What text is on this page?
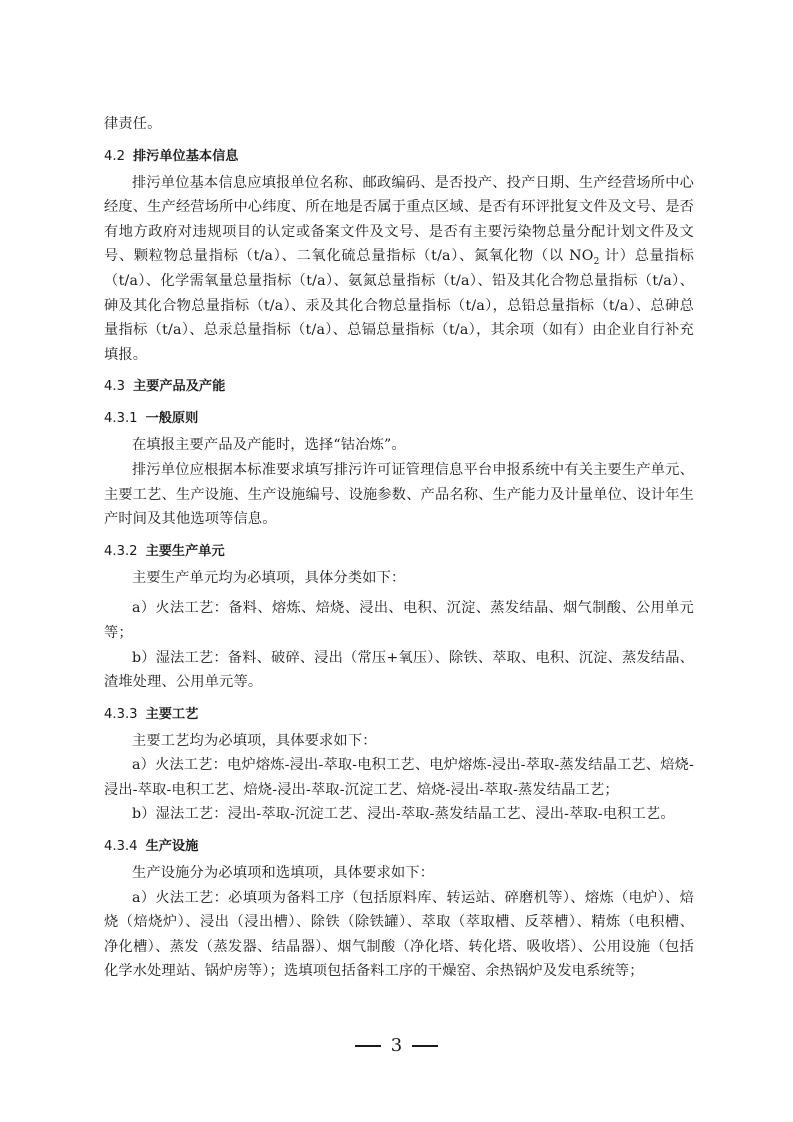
律责任。

4.2 排污单位基本信息

排污单位基本信息应填报单位名称、邮政编码、是否投产、投产日期、生产经营场所中心经度、生产经营场所中心纬度、所在地是否属于重点区域、是否有环评批复文件及文号、是否有地方政府对违规项目的认定或备案文件及文号、是否有主要污染物总量分配计划文件及文号、颗粒物总量指标（t/a）、二氧化硫总量指标（t/a）、氮氧化物（以 $NO_2$ 计）总量指标（t/a）、化学需氧量总量指标（t/a）、氨氮总量指标（t/a）、铅及其化合物总量指标（t/a）、砷及其化合物总量指标（t/a）、汞及其化合物总量指标（t/a），总铅总量指标（t/a）、总砷总量指标（t/a）、总汞总量指标（t/a）、总镉总量指标（t/a），其余项（如有）由企业自行补充填报。

4.3 主要产品及产能
4.3.1 一般原则

在填报主要产品及产能时，选择“钴冶炼”。

排污单位应根据本标准要求填写排污许可证管理信息平台申报系统中有关主要生产单元、主要工艺、生产设施、生产设施编号、设施参数、产品名称、生产能力及计量单位、设计年生产时间及其他选项等信息。

4.3.2 主要生产单元

主要生产单元均为必填项，具体分类如下：

a）火法工艺：备料、熔炼、焙烧、浸出、电积、沉淀、蒸发结晶、烟气制酸、公用单元等；

b）湿法工艺：备料、破碎、浸出（常压+氧压）、除铁、萃取、电积、沉淀、蒸发结晶、渣堆处理、公用单元等。

4.3.3 主要工艺

主要工艺均为必填项，具体要求如下：

a）火法工艺：电炉熔炼-浸出-萃取-电积工艺、电炉熔炼-浸出-萃取-蒸发结晶工艺、焙烧-浸出-萃取-电积工艺、焙烧-浸出-萃取-沉淀工艺、焙烧-浸出-萃取-蒸发结晶工艺；

b）湿法工艺：浸出-萃取-沉淀工艺、浸出-萃取-蒸发结晶工艺、浸出-萃取-电积工艺。

4.3.4 生产设施

生产设施分为必填项和选填项，具体要求如下：

a）火法工艺：必填项为备料工序（包括原料库、转运站、碎磨机等）、熔炼（电炉）、焙烧（焙烧炉）、浸出（浸出槽）、除铁（除铁罐）、萃取（萃取槽、反萃槽）、精炼（电积槽、净化槽）、蒸发（蒸发器、结晶器）、烟气制酸（净化塔、转化塔、吸收塔）、公用设施（包括化学水处理站、锅炉房等）；选填项包括备料工序的干燥窑、余热锅炉及发电系统等；

3
